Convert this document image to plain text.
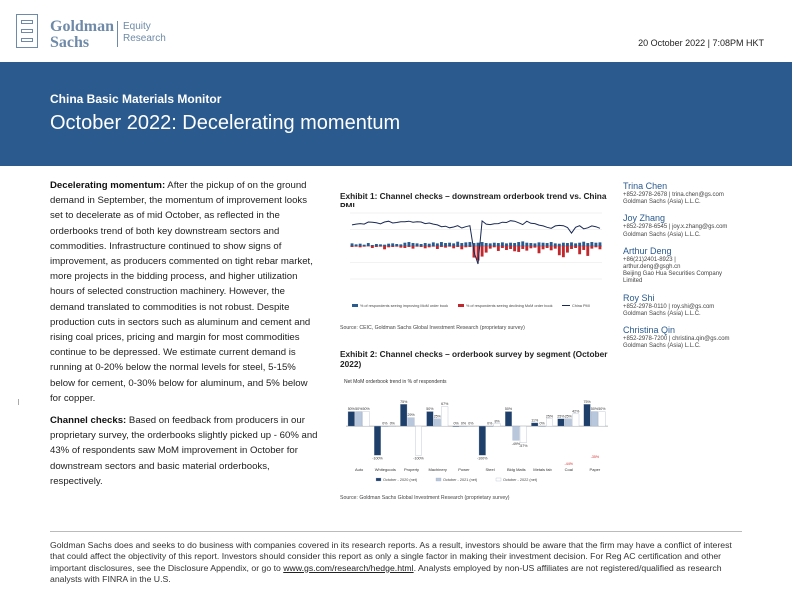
Goldman
Sachs
Equity
Research	20 October 2022 | 7:08PM HKT
China Basic Materials Monitor
October 2022: Decelerating momentum

Decelerating momentum: After the pickup of on the ground demand in September, the momentum of improvement looks set to decelerate as of mid October, as reflected in the orderbooks trend of both key downstream sectors and commodities. Infrastructure continued to show signs of improvement, as producers commented on tight rebar market, more projects in the bidding process, and higher utilization hours of selected construction machinery. However, the demand translated to commodities is not robust. Despite production cuts in sectors such as aluminum and cement and rising coal prices, pricing and margin for most commodities continue to be depressed. We estimate current demand is running at 0-20% below the normal levels for steel, 5-15% below for cement, 0-30% below for aluminum, and 5% below for copper.

Channel checks: Based on feedback from producers in our proprietary survey, the orderbooks slightly picked up - 60% and 43% of respondents saw MoM improvement in October for downstream sectors and basic material orderbooks, respectively.

Exhibit 1: Channel checks – downstream orderbook trend vs. China PMI
% of respondents seeing improving MoM order book	% of respondents seeing declining MoM order book	China PMI
Source: CEIC, Goldman Sachs Global Investment Research (proprietary survey)
Exhibit 2: Channel checks – orderbook survey by segment (October 2022)
Net MoM orderbook trend in % of respondents
50% 50% 50%
Auto
-100%
0% 0%
Whitegoods
75%
29%
-100%
Property
50%
25%
67%
Machinery
0% 0% 0%
Power
-100%
0%
8%
Steel
50%
-49%
-57%
Bldg Matls
11%
0%
25%
Metals fab
25% 25%
42%
Coal
75%
50% 50%
Paper
-44%
-35%
October - 2020 (net)	October - 2021 (net)	October - 2022 (net)
Source: Goldman Sachs Global Investment Research (proprietary survey)
Trina Chen
+852-2978-2678 | trina.chen@gs.com
Goldman Sachs (Asia) L.L.C.
Joy Zhang
+852-2978-6545 | joy.x.zhang@gs.com
Goldman Sachs (Asia) L.L.C.
Arthur Deng
+86(21)2401-8923 |
arthur.deng@gsgh.cn
Beijing Gao Hua Securities Company
Limited
Roy Shi
+852-2978-0110 | roy.shi@gs.com
Goldman Sachs (Asia) L.L.C.
Christina Qin
+852-2978-7200 | christina.qin@gs.com
Goldman Sachs (Asia) L.L.C.
Goldman Sachs does and seeks to do business with companies covered in its research reports. As a result, investors should be aware that the firm may have a conflict of interest that could affect the objectivity of this report. Investors should consider this report as only a single factor in making their investment decision. For Reg AC certification and other important disclosures, see the Disclosure Appendix, or go to www.gs.com/research/hedge.html. Analysts employed by non-US affiliates are not registered/qualified as research analysts with FINRA in the U.S.
